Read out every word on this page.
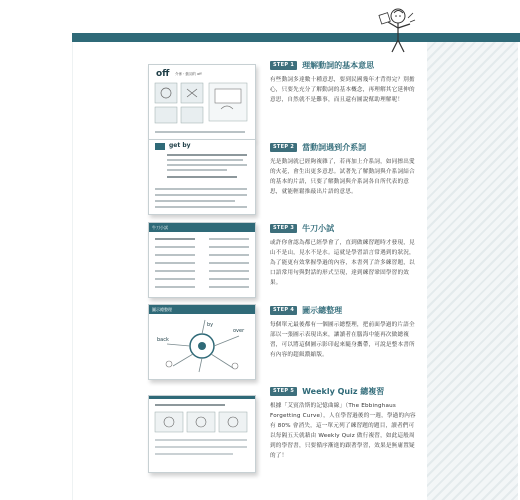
off 介係・動詞的 off
get by
牛刀小試
圖示總整理
back
over
by
STEP 1	理解動詞的基本意思
有些動詞多達數十種意思，要到民國幾年才背得完？別擔心，只要先充分了解動詞的基本概念，再理解其它延伸的意思，自然就不是難事，而且還有圖說幫助理解呢！
STEP 2	當動詞遇到介系詞
光是動詞就已經夠複雜了，若再加上介系詞，如同擦出愛的火花，會生出更多意思。試著先了解動詞與介系詞結合的基本的片語，只要了解動詞與介系詞各自所代表的意思，就能輕鬆推敲出片語的意思。
STEP 3	牛刀小試
或許你會認為都已經學會了，直到做練習題時才發現，見山不是山，見水不是水。這就是學習語言常遇到的狀況，為了能更有效掌握學過的內容，本書列了許多練習題，以口語常用句與對話的形式呈現，達到練習鞏固學習的效果。
STEP 4	圖示總整理
每個單元最後都有一個圖示總整理，把前面學過的片語全部以一張圖示表現出來，讓讀者在腦海中能再次做總複習，可以將這個圖示影印起來隨身攜帶，可說是整本書所有內容的超級濃縮版。
STEP 5	Weekly Quiz 總複習
根據「艾賓浩斯的記憶曲線」（The Ebbinghaus Forgetting Curve），人在學習過後的一週，學過的內容有 80% 會消失，這一單元列了練習題的題目，讀者們可以每隔五天就藉由 Weekly Quiz 做行複習，如此這般周到的學習書，只要循序漸進的跟著學習，效果是無庸置疑的了！
